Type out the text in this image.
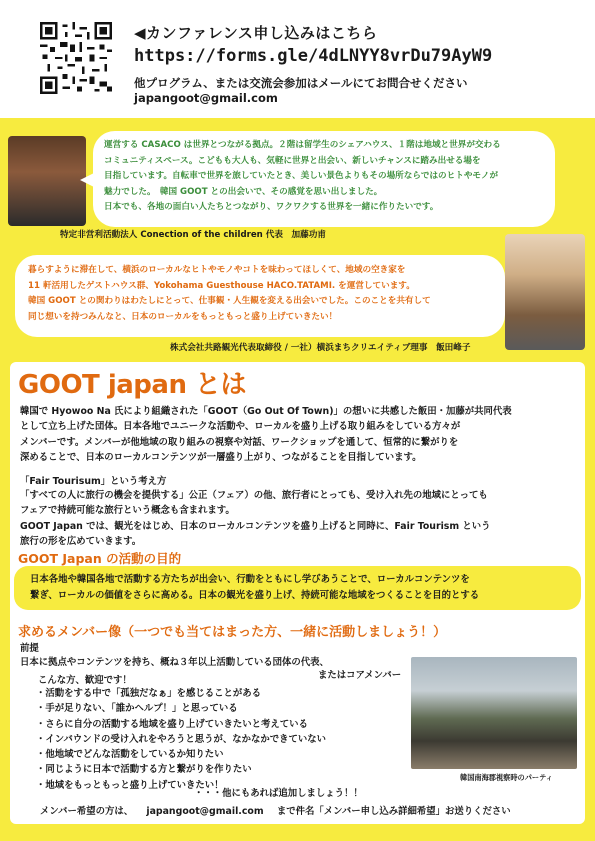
◀カンファレンス申し込みはこちら
https://forms.gle/4dLNYY8vrDu79AyW9
他プログラム、または交流会参加はメールにてお問合せください
japangoot@gmail.com
運営する CASACO は世界とつながる拠点。２階は留学生のシェアハウス、１階は地域と世界が交わる
コミュニティスペース。こどもも大人も、気軽に世界と出会い、新しいチャンスに踏み出せる場を
目指しています。自転車で世界を旅していたとき、美しい景色よりもその場所ならではのヒトやモノが
魅力でした。　韓国 GOOT との出会いで、その感覚を思い出しました。
日本でも、各地の面白い人たちとつながり、ワクワクする世界を一緒に作りたいです。
特定非営利活動法人 Conection of the children 代表　加藤功甫
暮らすように滞在して、横浜のローカルなヒトやモノやコトを味わってほしくて、地域の空き家を
11 軒活用したゲストハウス群、Yokohama Guesthouse HACO.TATAMI. を運営しています。
韓国 GOOT との関わりはわたしにとって、仕事観・人生観を変える出会いでした。このことを共有して
同じ想いを持つみんなと、日本のローカルをもっともっと盛り上げていきたい！
株式会社共路観光代表取締役 / 一社）横浜まちクリエイティブ理事　飯田峰子
GOOT japan とは
韓国で Hyowoo Na 氏により組織された「GOOT（Go Out Of Town)」の想いに共感した飯田・加藤が共同代表
として立ち上げた団体。日本各地でユニークな活動や、ローカルを盛り上げる取り組みをしている方々が
メンバーです。メンバーが他地域の取り組みの視察や対話、ワークショップを通して、恒常的に繋がりを
深めることで、日本のローカルコンテンツが一層盛り上がり、つながることを目指しています。
「Fair Tourisum」という考え方
「すべての人に旅行の機会を提供する」公正（フェア）の他、旅行者にとっても、受け入れ先の地域にとっても
フェアで持続可能な旅行という概念も含まれます。
GOOT Japan では、観光をはじめ、日本のローカルコンテンツを盛り上げると同時に、Fair Tourism という
旅行の形を広めていきます。
GOOT Japan の活動の目的
日本各地や韓国各地で活動する方たちが出会い、行動をともにし学びあうことで、ローカルコンテンツを
繋ぎ、ローカルの価値をさらに高める。日本の観光を盛り上げ、持続可能な地域をつくることを目的とする
求めるメンバー像（一つでも当てはまった方、一緒に活動しましょう！）
前提
日本に拠点やコンテンツを持ち、概ね３年以上活動している団体の代表、
またはコアメンバー
こんな方、歓迎です！
・ 活動をする中で「孤独だなぁ」を感じることがある
・ 手が足りない、「誰かヘルプ！」と思っている
・ さらに自分の活動する地域を盛り上げていきたいと考えている
・ インバウンドの受け入れをやろうと思うが、なかなかできていない
・ 他地域でどんな活動をしているか知りたい
・ 同じように日本で活動する方と繋がりを作りたい
・ 地域をもっともっと盛り上げていきたい！
・・・他にもあれば追加しましょう！！
メンバー希望の方は、 japangoot@gmail.com まで件名「メンバー申し込み詳細希望」お送りください
韓国南海郡視察時のパーティ
